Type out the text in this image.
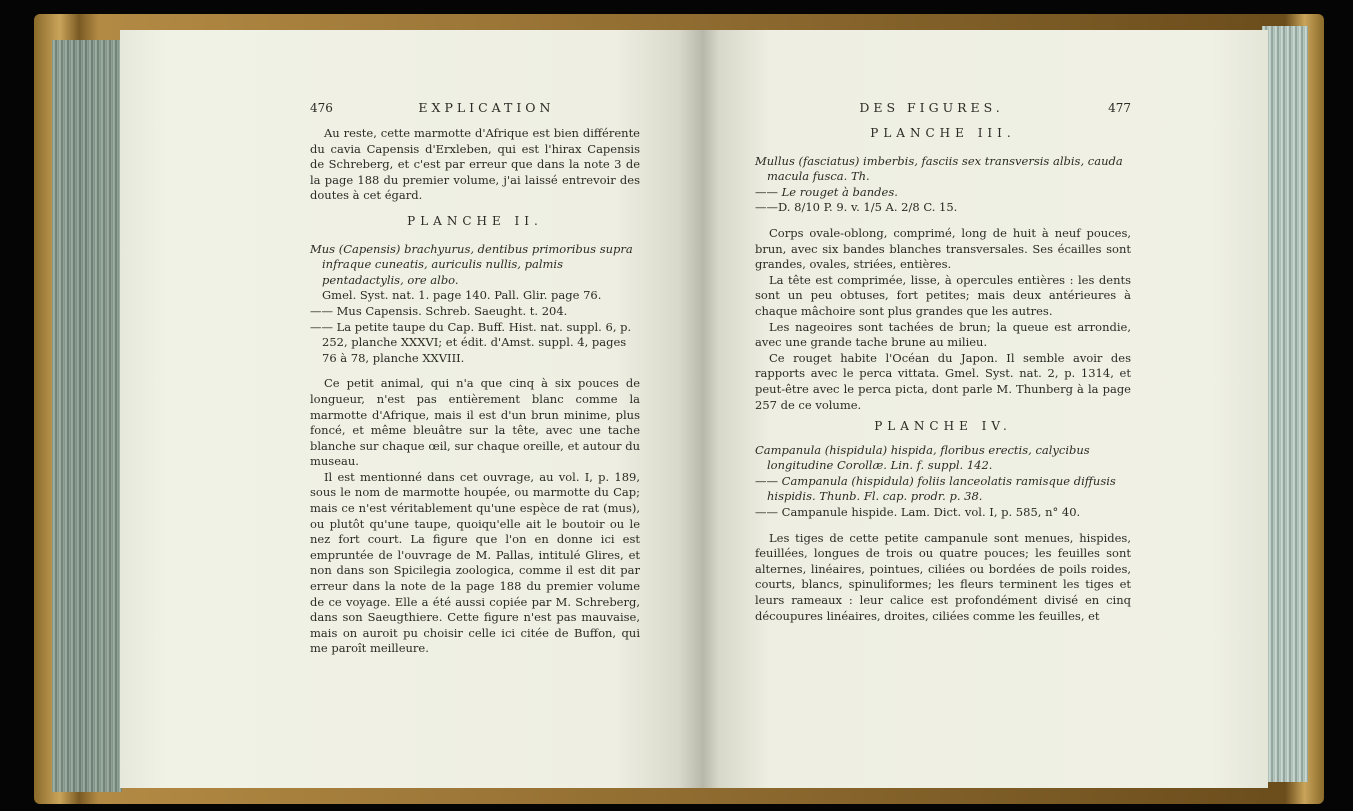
476	EXPLICATION

Au reste, cette marmotte d'Afrique est bien différente du cavia Capensis d'Erxleben, qui est l'hirax Capensis de Schreberg, et c'est par erreur que dans la note 3 de la page 188 du premier volume, j'ai laissé entrevoir des doutes à cet égard.

PLANCHE II.

Mus (Capensis) brachyurus, dentibus primoribus supra infraque cuneatis, auriculis nullis, palmis pentadactylis, ore albo.

Gmel. Syst. nat. 1. page 140. Pall. Glir. page 76.

—— Mus Capensis. Schreb. Saeught. t. 204.

—— La petite taupe du Cap. Buff. Hist. nat. suppl. 6, p. 252, planche XXXVI; et édit. d'Amst. suppl. 4, pages 76 à 78, planche XXVIII.

Ce petit animal, qui n'a que cinq à six pouces de longueur, n'est pas entièrement blanc comme la marmotte d'Afrique, mais il est d'un brun minime, plus foncé, et même bleuâtre sur la tête, avec une tache blanche sur chaque œil, sur chaque oreille, et autour du museau.

Il est mentionné dans cet ouvrage, au vol. I, p. 189, sous le nom de marmotte houpée, ou marmotte du Cap; mais ce n'est véritablement qu'une espèce de rat (mus), ou plutôt qu'une taupe, quoiqu'elle ait le boutoir ou le nez fort court. La figure que l'on en donne ici est empruntée de l'ouvrage de M. Pallas, intitulé Glires, et non dans son Spicilegia zoologica, comme il est dit par erreur dans la note de la page 188 du premier volume de ce voyage. Elle a été aussi copiée par M. Schreberg, dans son Saeugthiere. Cette figure n'est pas mauvaise, mais on auroit pu choisir celle ici citée de Buffon, qui me paroît meilleure.

DES FIGURES.	477
PLANCHE III.

Mullus (fasciatus) imberbis, fasciis sex transversis albis, cauda macula fusca. Th.

—— Le rouget à bandes.

——D. 8/10 P. 9. v. 1/5 A. 2/8 C. 15.

Corps ovale-oblong, comprimé, long de huit à neuf pouces, brun, avec six bandes blanches transversales. Ses écailles sont grandes, ovales, striées, entières.

La tête est comprimée, lisse, à opercules entières : les dents sont un peu obtuses, fort petites; mais deux antérieures à chaque mâchoire sont plus grandes que les autres.

Les nageoires sont tachées de brun; la queue est arrondie, avec une grande tache brune au milieu.

Ce rouget habite l'Océan du Japon. Il semble avoir des rapports avec le perca vittata. Gmel. Syst. nat. 2, p. 1314, et peut-être avec le perca picta, dont parle M. Thunberg à la page 257 de ce volume.

PLANCHE IV.

Campanula (hispidula) hispida, floribus erectis, calycibus longitudine Corollæ. Lin. f. suppl. 142.

—— Campanula (hispidula) foliis lanceolatis ramisque diffusis hispidis. Thunb. Fl. cap. prodr. p. 38.

—— Campanule hispide. Lam. Dict. vol. I, p. 585, n° 40.

Les tiges de cette petite campanule sont menues, hispides, feuillées, longues de trois ou quatre pouces; les feuilles sont alternes, linéaires, pointues, ciliées ou bordées de poils roides, courts, blancs, spinuliformes; les fleurs terminent les tiges et leurs rameaux : leur calice est profondément divisé en cinq découpures linéaires, droites, ciliées comme les feuilles, et
